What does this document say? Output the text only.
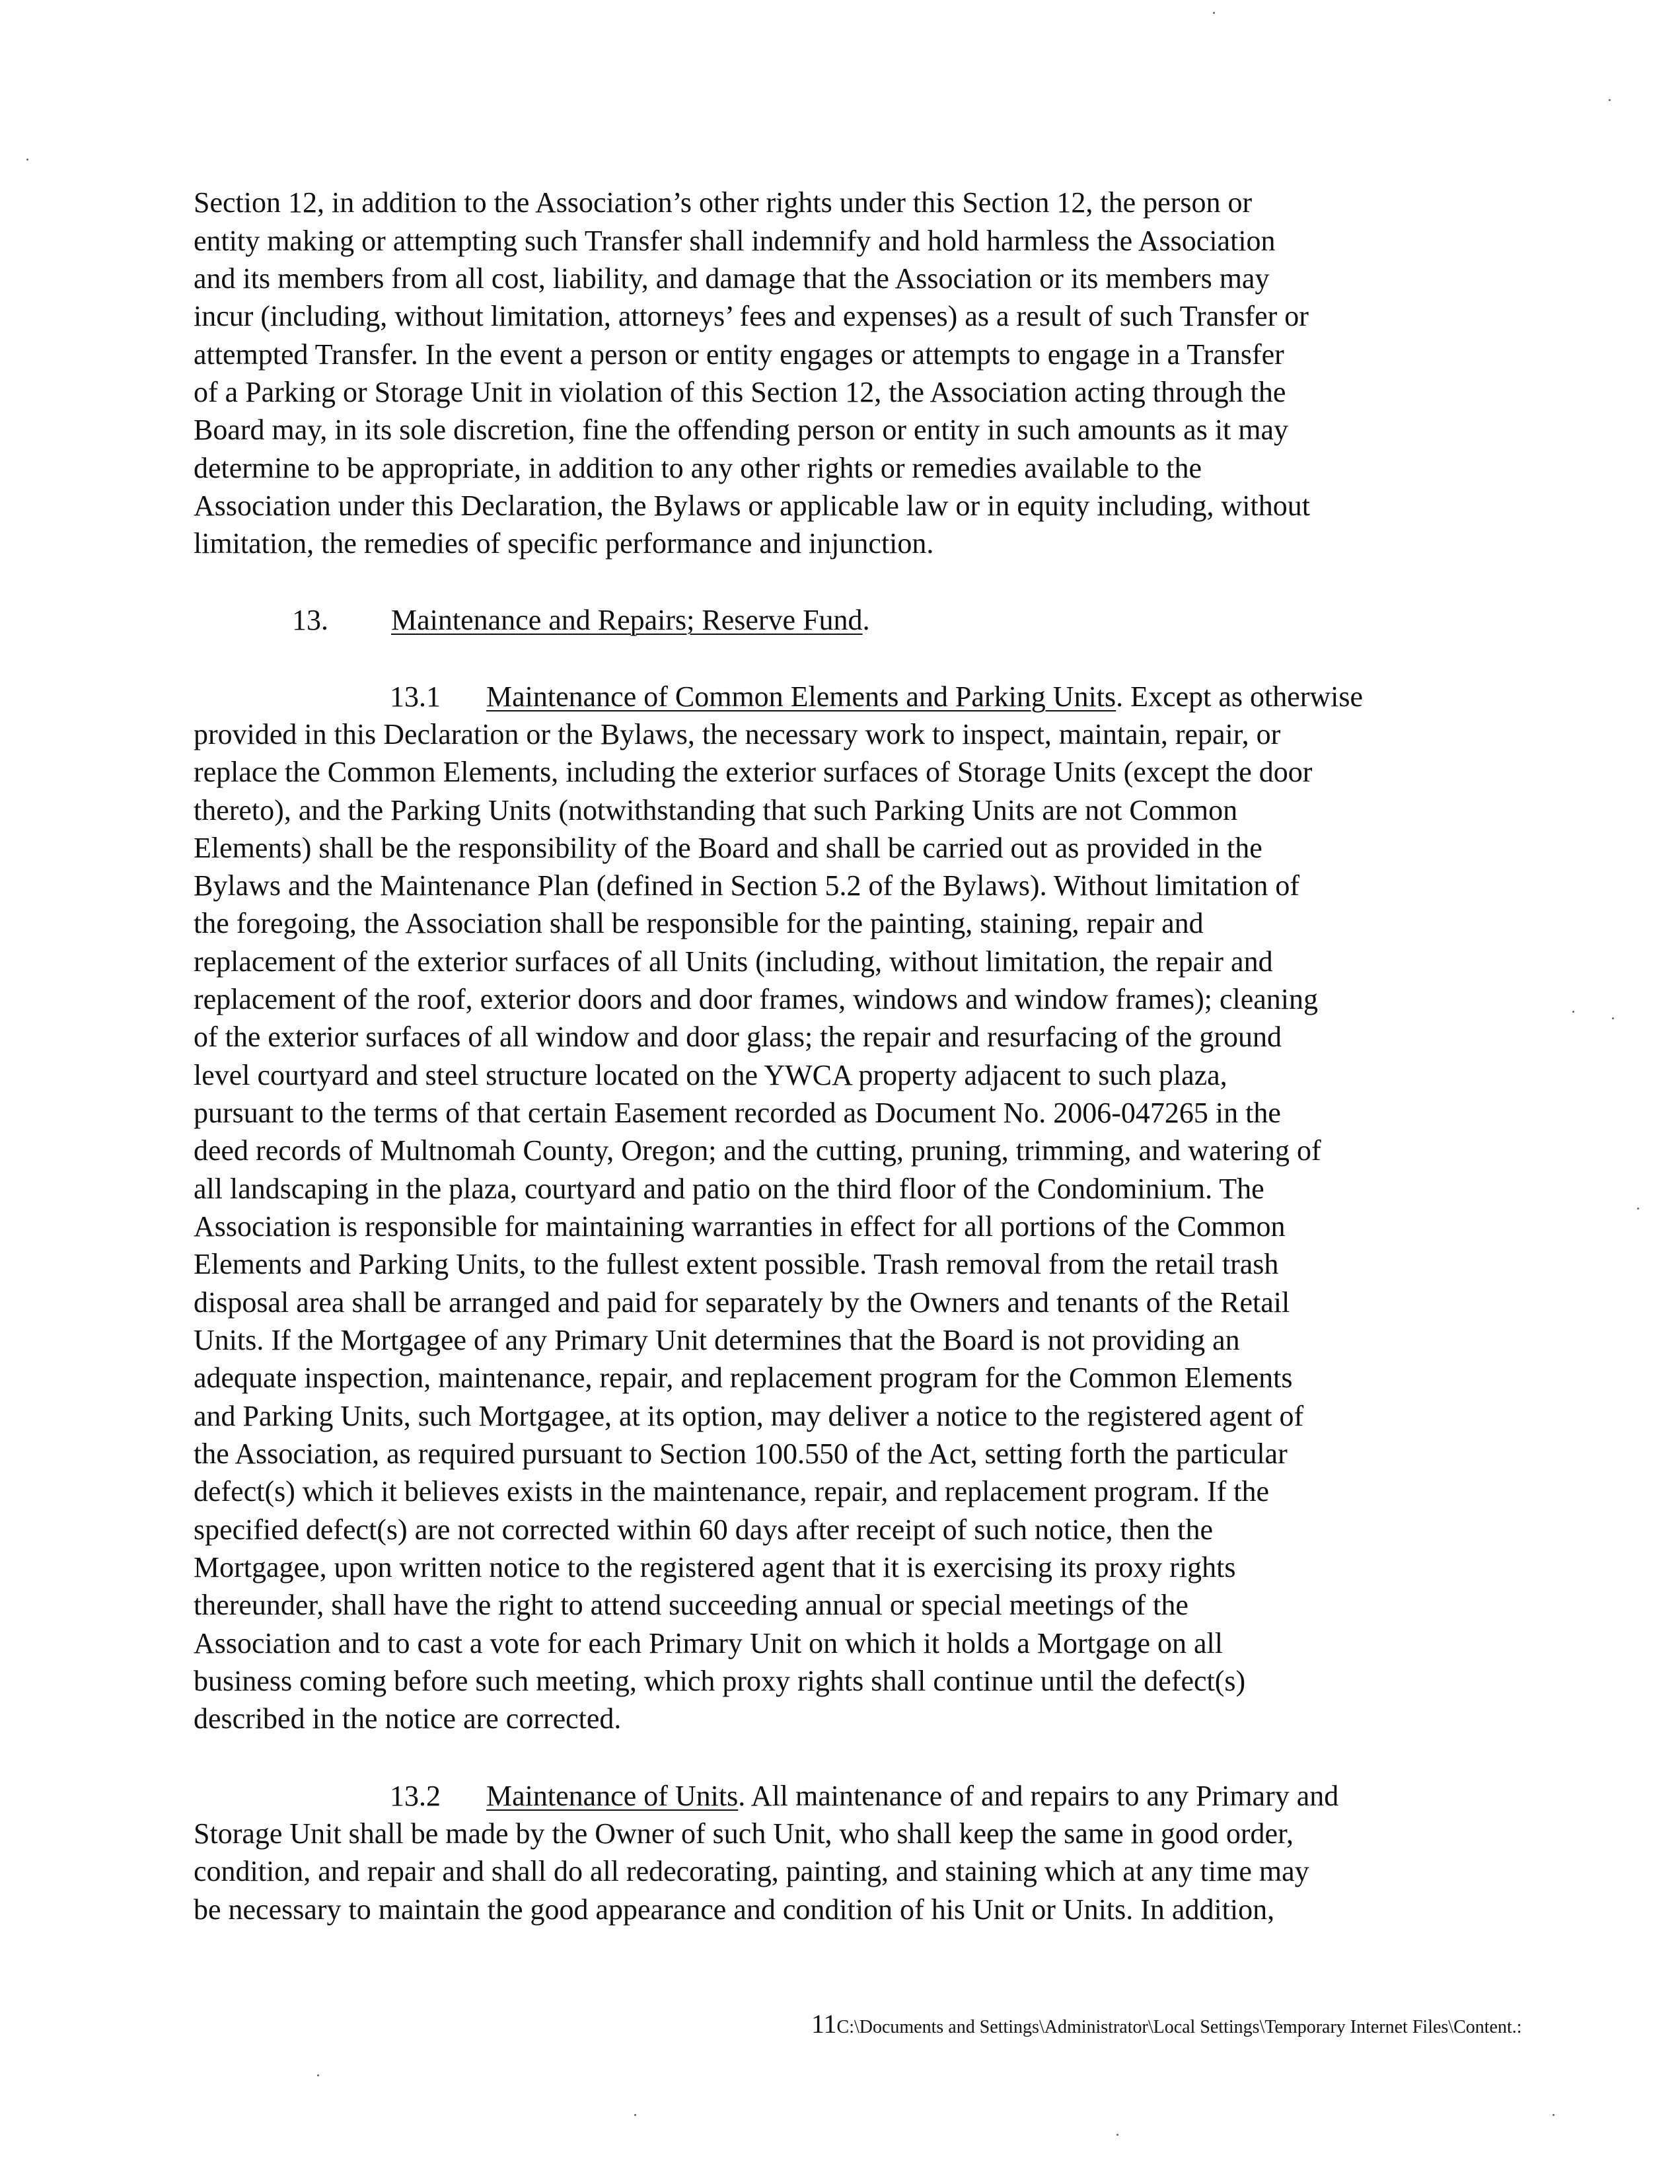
Section 12, in addition to the Association’s other rights under this Section 12, the person or

entity making or attempting such Transfer shall indemnify and hold harmless the Association

and its members from all cost, liability, and damage that the Association or its members may

incur (including, without limitation, attorneys’ fees and expenses) as a result of such Transfer or

attempted Transfer. In the event a person or entity engages or attempts to engage in a Transfer

of a Parking or Storage Unit in violation of this Section 12, the Association acting through the

Board may, in its sole discretion, fine the offending person or entity in such amounts as it may

determine to be appropriate, in addition to any other rights or remedies available to the

Association under this Declaration, the Bylaws or applicable law or in equity including, without

limitation, the remedies of specific performance and injunction.

13. Maintenance and Repairs; Reserve Fund.

13.1 Maintenance of Common Elements and Parking Units. Except as otherwise

provided in this Declaration or the Bylaws, the necessary work to inspect, maintain, repair, or

replace the Common Elements, including the exterior surfaces of Storage Units (except the door

thereto), and the Parking Units (notwithstanding that such Parking Units are not Common

Elements) shall be the responsibility of the Board and shall be carried out as provided in the

Bylaws and the Maintenance Plan (defined in Section 5.2 of the Bylaws). Without limitation of

the foregoing, the Association shall be responsible for the painting, staining, repair and

replacement of the exterior surfaces of all Units (including, without limitation, the repair and

replacement of the roof, exterior doors and door frames, windows and window frames); cleaning

of the exterior surfaces of all window and door glass; the repair and resurfacing of the ground

level courtyard and steel structure located on the YWCA property adjacent to such plaza,

pursuant to the terms of that certain Easement recorded as Document No. 2006-047265 in the

deed records of Multnomah County, Oregon; and the cutting, pruning, trimming, and watering of

all landscaping in the plaza, courtyard and patio on the third floor of the Condominium. The

Association is responsible for maintaining warranties in effect for all portions of the Common

Elements and Parking Units, to the fullest extent possible. Trash removal from the retail trash

disposal area shall be arranged and paid for separately by the Owners and tenants of the Retail

Units. If the Mortgagee of any Primary Unit determines that the Board is not providing an

adequate inspection, maintenance, repair, and replacement program for the Common Elements

and Parking Units, such Mortgagee, at its option, may deliver a notice to the registered agent of

the Association, as required pursuant to Section 100.550 of the Act, setting forth the particular

defect(s) which it believes exists in the maintenance, repair, and replacement program. If the

specified defect(s) are not corrected within 60 days after receipt of such notice, then the

Mortgagee, upon written notice to the registered agent that it is exercising its proxy rights

thereunder, shall have the right to attend succeeding annual or special meetings of the

Association and to cast a vote for each Primary Unit on which it holds a Mortgage on all

business coming before such meeting, which proxy rights shall continue until the defect(s)

described in the notice are corrected.

13.2 Maintenance of Units. All maintenance of and repairs to any Primary and

Storage Unit shall be made by the Owner of such Unit, who shall keep the same in good order,

condition, and repair and shall do all redecorating, painting, and staining which at any time may

be necessary to maintain the good appearance and condition of his Unit or Units. In addition,

11C:\Documents and Settings\Administrator\Local Settings\Temporary Internet Files\Content.:
